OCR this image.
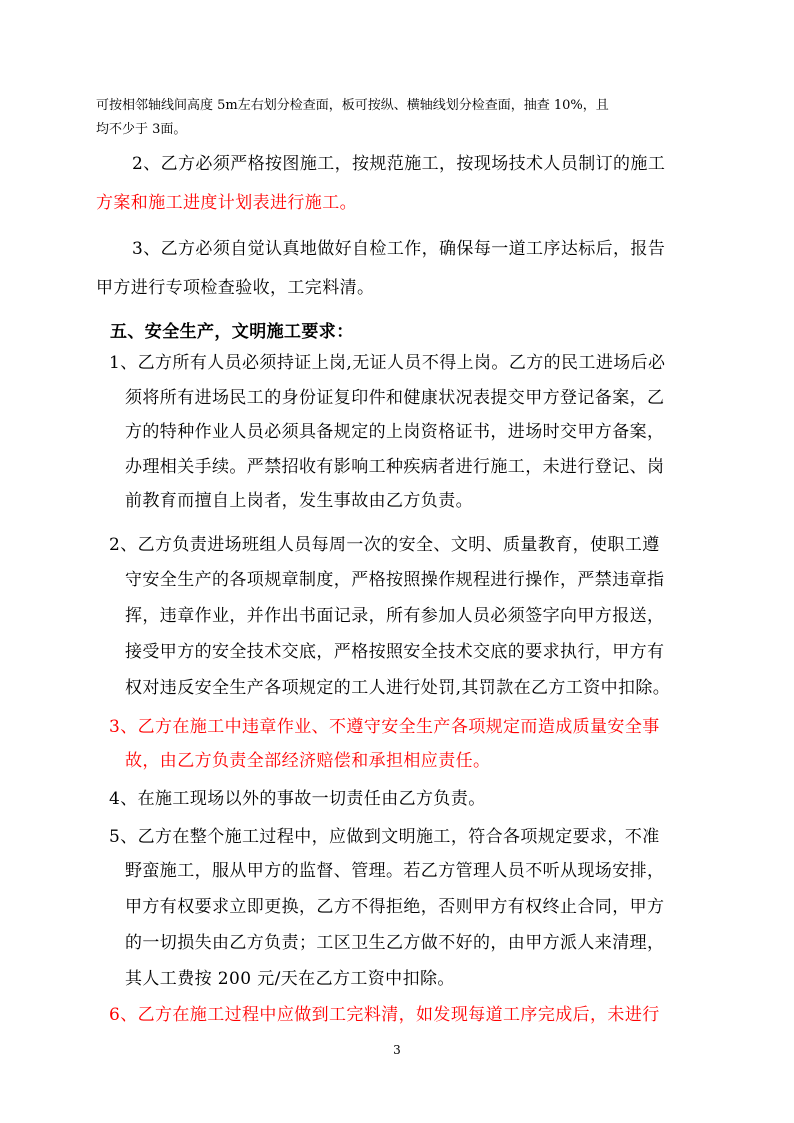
可按相邻轴线间高度 5m左右划分检查面，板可按纵、横轴线划分检查面，抽查 10%，且
均不少于 3面。
2、乙方必须严格按图施工，按规范施工，按现场技术人员制订的施工
方案和施工进度计划表进行施工。
3、乙方必须自觉认真地做好自检工作，确保每一道工序达标后，报告
甲方进行专项检查验收，工完料清。
五、安全生产，文明施工要求：
1、乙方所有人员必须持证上岗,无证人员不得上岗。乙方的民工进场后必
须将所有进场民工的身份证复印件和健康状况表提交甲方登记备案，乙
方的特种作业人员必须具备规定的上岗资格证书，进场时交甲方备案，
办理相关手续。严禁招收有影响工种疾病者进行施工，未进行登记、岗
前教育而擅自上岗者，发生事故由乙方负责。
2、乙方负责进场班组人员每周一次的安全、文明、质量教育，使职工遵
守安全生产的各项规章制度，严格按照操作规程进行操作，严禁违章指
挥，违章作业，并作出书面记录，所有参加人员必须签字向甲方报送，
接受甲方的安全技术交底，严格按照安全技术交底的要求执行，甲方有
权对违反安全生产各项规定的工人进行处罚,其罚款在乙方工资中扣除。
3、乙方在施工中违章作业、不遵守安全生产各项规定而造成质量安全事
故，由乙方负责全部经济赔偿和承担相应责任。
4、在施工现场以外的事故一切责任由乙方负责。
5、乙方在整个施工过程中，应做到文明施工，符合各项规定要求，不准
野蛮施工，服从甲方的监督、管理。若乙方管理人员不听从现场安排，
甲方有权要求立即更换，乙方不得拒绝，否则甲方有权终止合同，甲方
的一切损失由乙方负责；工区卫生乙方做不好的，由甲方派人来清理，
其人工费按 200 元/天在乙方工资中扣除。
6、乙方在施工过程中应做到工完料清，如发现每道工序完成后，未进行
3
